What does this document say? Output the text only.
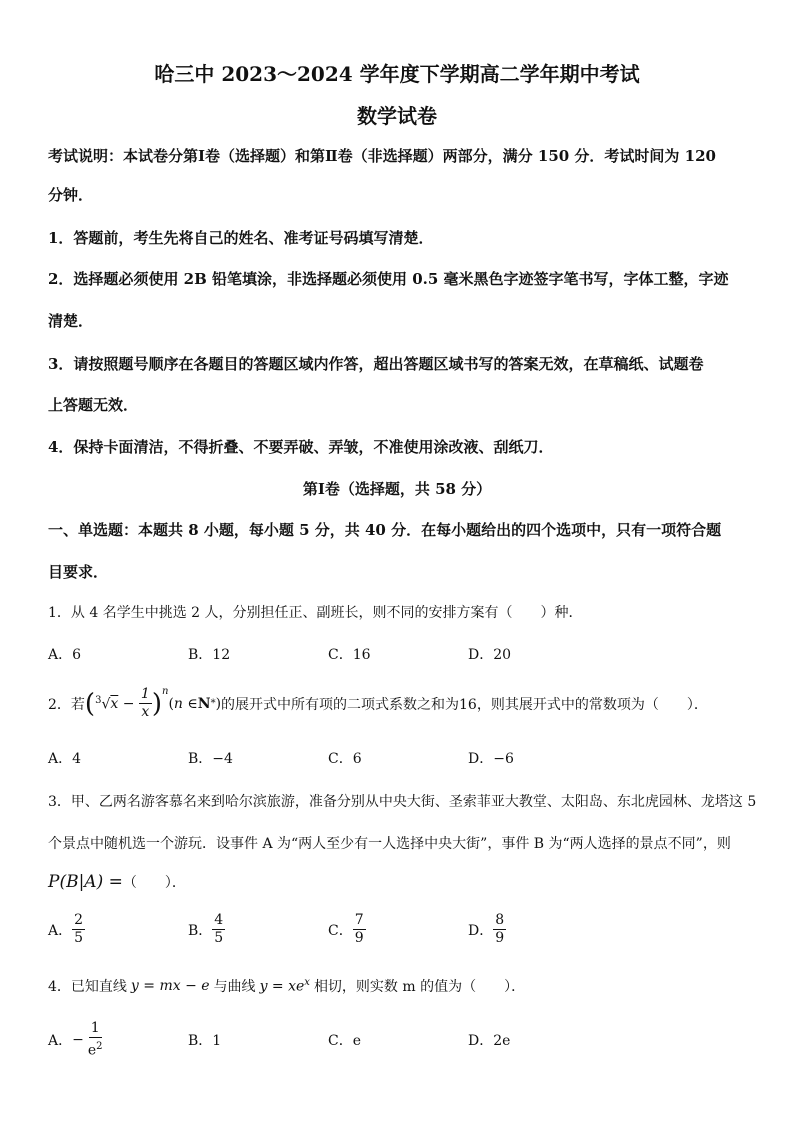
哈三中 2023～2024 学年度下学期高二学年期中考试
数学试卷
考试说明：本试卷分第Ⅰ卷（选择题）和第Ⅱ卷（非选择题）两部分，满分 150 分．考试时间为 120
分钟．
1．答题前，考生先将自己的姓名、准考证号码填写清楚．
2．选择题必须使用 2B 铅笔填涂，非选择题必须使用 0.5 毫米黑色字迹签字笔书写，字体工整，字迹
清楚．
3．请按照题号顺序在各题目的答题区域内作答，超出答题区域书写的答案无效，在草稿纸、试题卷
上答题无效．
4．保持卡面清洁，不得折叠、不要弄破、弄皱，不准使用涂改液、刮纸刀．
第Ⅰ卷（选择题，共 58 分）
一、单选题：本题共 8 小题，每小题 5 分，共 40 分．在每小题给出的四个选项中，只有一项符合题
目要求．
1．从 4 名学生中挑选 2 人，分别担任正、副班长，则不同的安排方案有（　　）种．
A．6	B．12	C．16	D．20
2．若 ( $^3$√ $x - \frac{1}{x} )^n$
( n ∈ N * ) 的展开式中所有项的二项式系数之和为16，则其展开式中的常数项为（　　）．
A．4	B．−4	C．6	D．−6
3．甲、乙两名游客慕名来到哈尔滨旅游，准备分别从中央大街、圣索菲亚大教堂、太阳岛、东北虎园林、龙塔这 5
个景点中随机选一个游玩．设事件 A 为“两人至少有一人选择中央大街”，事件 B 为“两人选择的景点不同”，则
P(B|A) = （　　）．
A． $\frac{2}{5}$	B． $\frac{4}{5}$	C． $\frac{7}{9}$	D． $\frac{8}{9}$
4．已知直线 y = mx − e 与曲线 $y = xe^x$ 相切，则实数 m 的值为（　　）．
A． − $\frac{1}{e^2}$	B．1	C．e	D．2e
